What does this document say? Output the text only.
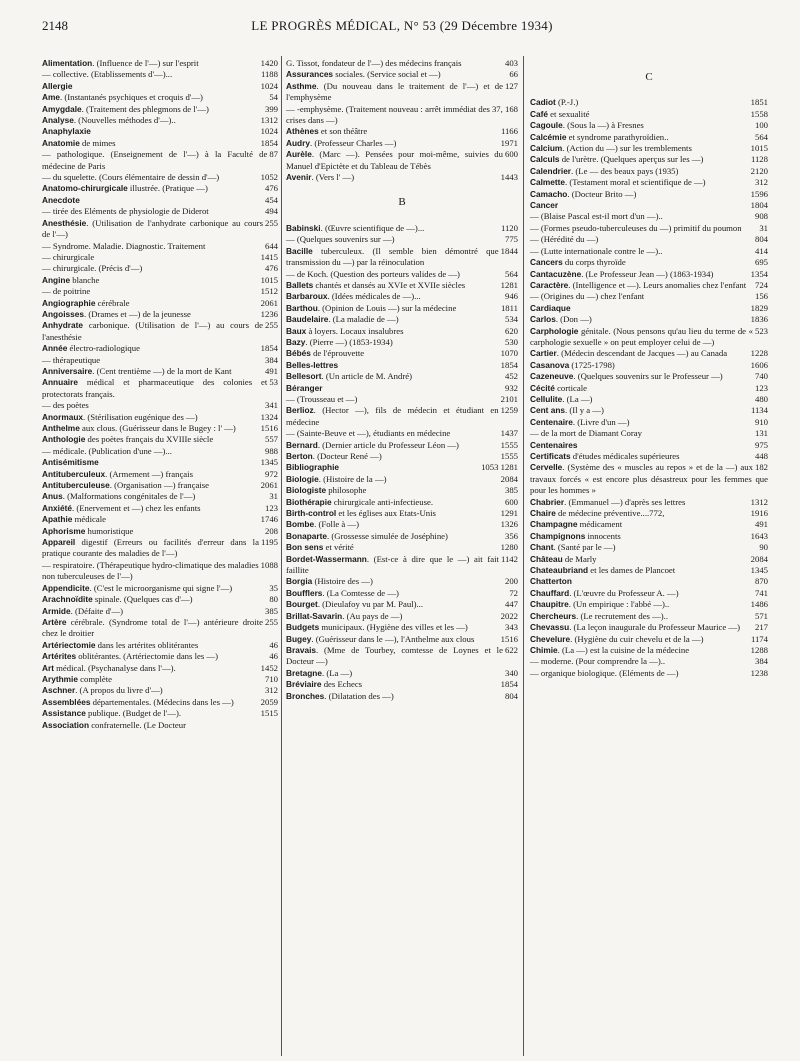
2148	LE PROGRÈS MÉDICAL, N° 53 (29 Décembre 1934)

1420
Alimentation. (Influence de l'—) sur l'esprit

1188
— collective. (Etablissements d'—)...

1024
Allergie

54
Ame. (Instantanés psychiques et croquis d'—)

399
Amygdale. (Traitement des phlegmons de l'—)

1312
Analyse. (Nouvelles méthodes d'—)..

1024
Anaphylaxie

1854
Anatomie de mimes

87
— pathologique. (Enseignement de l'—) à la Faculté de médecine de Paris

1052
— du squelette. (Cours élémentaire de dessin d'—)

476
Anatomo-chirurgicale illustrée. (Pratique —)

454
Anecdote

494
— tirée des Eléments de physiologie de Diderot

255
Anesthésie. (Utilisation de l'anhydrate carbonique au cours de l'—)

644
— Syndrome. Maladie. Diagnostic. Traitement

1415
— chirurgicale

476
— chirurgicale. (Précis d'—)

1015
Angine blanche

1512
— de poitrine

2061
Angiographie cérébrale

1236
Angoisses. (Drames et —) de la jeunesse

255
Anhydrate carbonique. (Utilisation de l'—) au cours de l'anesthésie

1854
Année électro-radiologique

384
— thérapeutique

491
Anniversaire. (Cent trentième —) de la mort de Kant

53
Annuaire médical et pharmaceutique des colonies et protectorats français.

341
— des poètes

1324
Anormaux. (Stérilisation eugénique des —)

1516
Anthelme aux clous. (Guérisseur dans le Bugey : l' —)

557
Anthologie des poètes français du XVIIIe siècle

988
— médicale. (Publication d'une —)...

1345
Antisémitisme

972
Antituberculeux. (Armement —) français

2061
Antituberculeuse. (Organisation —) française

31
Anus. (Malformations congénitales de l'—)

123
Anxiété. (Enervement et —) chez les enfants

1746
Apathie médicale

208
Aphorisme humoristique

1195
Appareil digestif (Erreurs ou facilités d'erreur dans la pratique courante des maladies de l'—)

1088
— respiratoire. (Thérapeutique hydro-climatique des maladies non tuberculeuses de l'—)

35
Appendicite. (C'est le microorganisme qui signe l'—)

80
Arachnoïdite spinale. (Quelques cas d'—)

385
Armide. (Défaite d'—)

255
Artère cérébrale. (Syndrome total de l'—) antérieure droite chez le droitier

46
Artériectomie dans les artérites oblitérantes

46
Artérites oblitérantes. (Artériectomie dans les —)

1452
Art médical. (Psychanalyse dans l'—).

710
Arythmie complète

312
Aschner. (A propos du livre d'—)

2059
Assemblées départementales. (Médecins dans les —)

1515
Assistance publique. (Budget de l'—).

Association confraternelle. (Le Docteur

403
G. Tissot, fondateur de l'—) des médecins français

66
Assurances sociales. (Service social et —)

127
Asthme. (Du nouveau dans le traitement de l'—) et de l'emphysème

37, 168
— -emphysème. (Traitement nouveau : arrêt immédiat des crises dans —)

1166
Athènes et son théâtre

1971
Audry. (Professeur Charles —)

600
Aurèle. (Marc —). Pensées pour moi-même, suivies du Manuel d'Epictète et du Tableau de Tébès

1443
Avenir. (Vers l' —)

B

1120
Babinski. (Œuvre scientifique de —)...

775
— (Quelques souvenirs sur —)

1844
Bacille tuberculeux. (Il semble bien démontré que transmission du —) par la réinoculation

564
— de Koch. (Question des porteurs valides de —)

1281
Ballets chantés et dansés au XVIe et XVIIe siècles

946
Barbaroux. (Idées médicales de —)...

1811
Barthou. (Opinion de Louis —) sur la médecine

534
Baudelaire. (La maladie de —)

620
Baux à loyers. Locaux insalubres

530
Bazy. (Pierre —) (1853-1934)

1070
Bébés de l'éprouvette

1854
Belles-lettres

452
Bellesort. (Un article de M. André)

932
Béranger

2101
— (Trousseau et —)

1259
Berlioz. (Hector —), fils de médecin et étudiant en médecine

1437
— (Sainte-Beuve et —), étudiants en médecine

1555
Bernard. (Dernier article du Professeur Léon —)

1555
Berton. (Docteur René —)

1053 1281
Bibliographie

2084
Biologie. (Histoire de la —)

385
Biologiste philosophe

600
Biothérapie chirurgicale anti-infectieuse.

1291
Birth-control et les églises aux Etats-Unis

1326
Bombe. (Folle à —)

356
Bonaparte. (Grossesse simulée de Joséphine)

1280
Bon sens et vérité

1142
Bordet-Wassermann. (Est-ce à dire que le —) ait fait faillite

200
Borgia (Histoire des —)

72
Boufflers. (La Comtesse de —)

447
Bourget. (Dieulafoy vu par M. Paul)...

2022
Brillat-Savarin. (Au pays de —)

343
Budgets municipaux. (Hygiène des villes et les —)

1516
Bugey. (Guérisseur dans le —), l'Anthelme aux clous

622
Bravais. (Mme de Tourbey, comtesse de Loynes et le Docteur —)

340
Bretagne. (La —)

1854
Bréviaire des Echecs

804
Bronches. (Dilatation des —)

C

1851
Cadiot (P.-J.)

1558
Café et sexualité

100
Cagoule. (Sous la —) à Fresnes

564
Calcémie et syndrome parathyroïdien..

1015
Calcium. (Action du —) sur les tremblements

1128
Calculs de l'urètre. (Quelques aperçus sur les —)

2120
Calendrier. (Le — des beaux pays (1935)

312
Calmette. (Testament moral et scientifique de —)

1596
Camacho. (Docteur Brito —)

1804
Cancer

908
— (Blaise Pascal est-il mort d'un —)..

31
— (Formes pseudo-tuberculeuses du —) primitif du poumon

804
— (Hérédité du —)

414
— (Lutte internationale contre le —)..

695
Cancers du corps thyroïde

1354
Cantacuzène. (Le Professeur Jean —) (1863-1934)

724
Caractère. (Intelligence et —). Leurs anomalies chez l'enfant

156
— (Origines du —) chez l'enfant

1829
Cardiaque

1836
Carlos. (Don —)

523
Carphologie génitale. (Nous pensons qu'au lieu du terme de « carphologie sexuelle » on peut employer celui de —)

1228
Cartier. (Médecin descendant de Jacques —) au Canada

1606
Casanova (1725-1798)

740
Cazeneuve. (Quelques souvenirs sur le Professeur —)

123
Cécité corticale

480
Cellulite. (La —)

1134
Cent ans. (Il y a —)

910
Centenaire. (Livre d'un —)

131
— de la mort de Diamant Coray

975
Centenaires

448
Certificats d'études médicales supérieures

182
Cervelle. (Système des « muscles au repos » et de la —) aux travaux forcés « est encore plus désastreux pour les femmes que pour les hommes »

1312
Chabrier. (Emmanuel —) d'après ses lettres

1916
Chaire de médecine préventive....772,

491
Champagne médicament

1643
Champignons innocents

90
Chant. (Santé par le —)

2084
Château de Marly

1345
Chateaubriand et les dames de Plancoet

870
Chatterton

741
Chauffard. (L'œuvre du Professeur A. —)

1486
Chaupitre. (Un empirique : l'abbé —)..

571
Chercheurs. (Le recrutement des —)..

217
Chevassu. (La leçon inaugurale du Professeur Maurice —)

1174
Chevelure. (Hygiène du cuir chevelu et de la —)

1288
Chimie. (La —) est la cuisine de la médecine

384
— moderne. (Pour comprendre la —)..

1238
— organique biologique. (Eléments de —)
